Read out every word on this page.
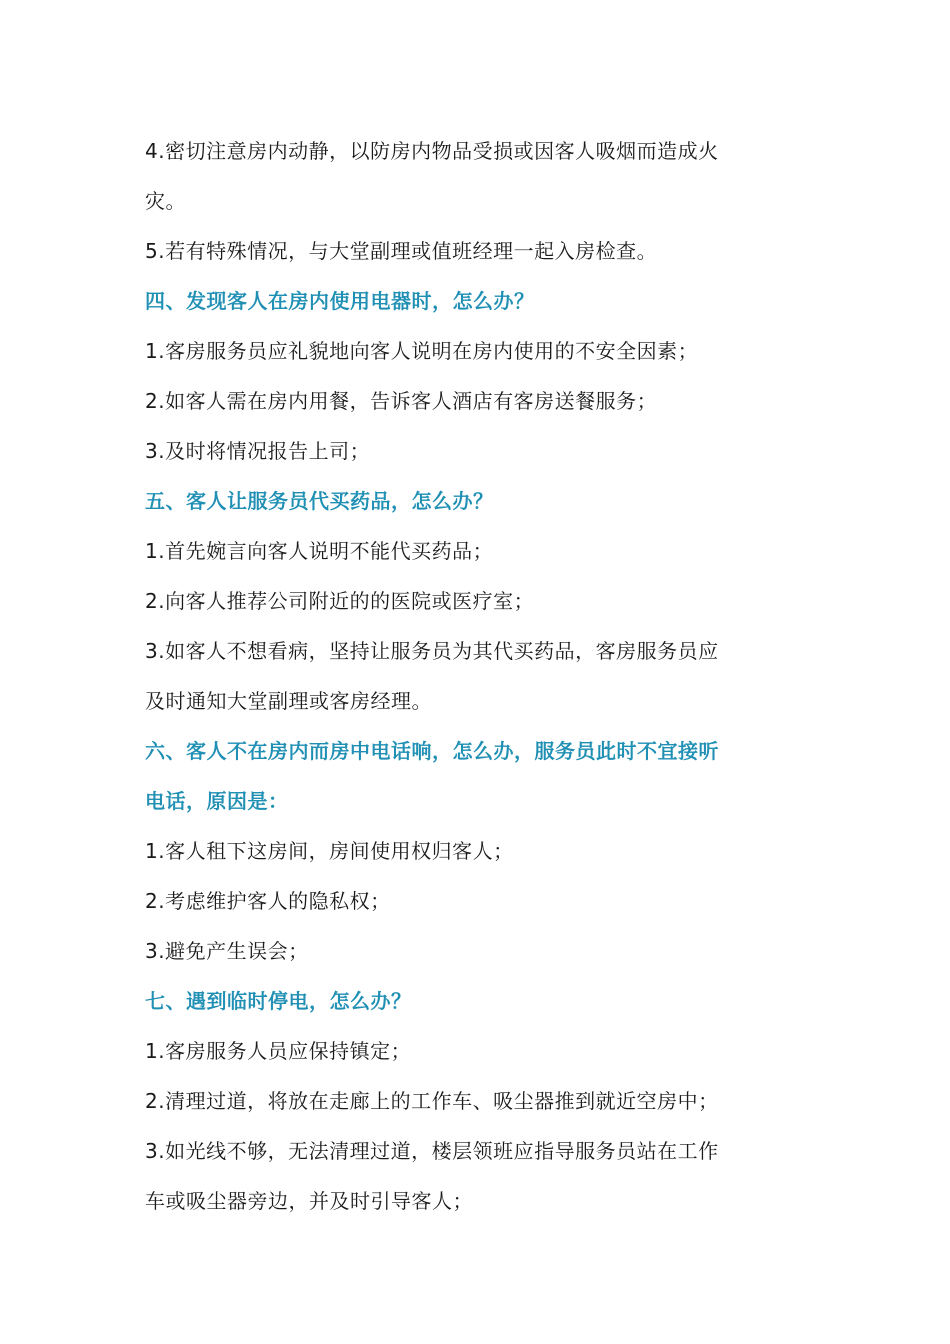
4.密切注意房内动静，以防房内物品受损或因客人吸烟而造成火

灾。

5.若有特殊情况，与大堂副理或值班经理一起入房检查。

四、发现客人在房内使用电器时，怎么办？

1.客房服务员应礼貌地向客人说明在房内使用的不安全因素；

2.如客人需在房内用餐，告诉客人酒店有客房送餐服务；

3.及时将情况报告上司；

五、客人让服务员代买药品，怎么办？

1.首先婉言向客人说明不能代买药品；

2.向客人推荐公司附近的的医院或医疗室；

3.如客人不想看病，坚持让服务员为其代买药品，客房服务员应

及时通知大堂副理或客房经理。

六、客人不在房内而房中电话响，怎么办，服务员此时不宜接听

电话，原因是：

1.客人租下这房间，房间使用权归客人；

2.考虑维护客人的隐私权；

3.避免产生误会；

七、遇到临时停电，怎么办？

1.客房服务人员应保持镇定；

2.清理过道，将放在走廊上的工作车、吸尘器推到就近空房中；

3.如光线不够，无法清理过道，楼层领班应指导服务员站在工作

车或吸尘器旁边，并及时引导客人；
